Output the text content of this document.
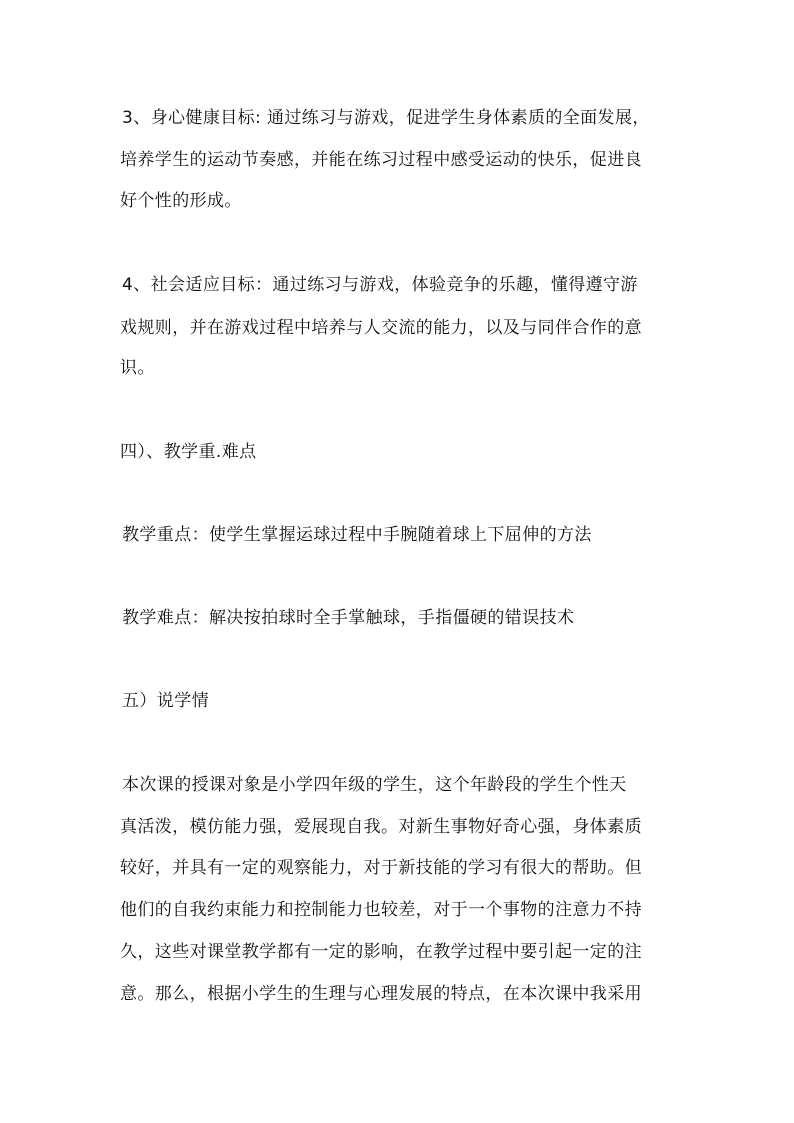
3、身心健康目标: 通过练习与游戏，促进学生身体素质的全面发展，
培养学生的运动节奏感，并能在练习过程中感受运动的快乐，促进良
好个性的形成。
4、社会适应目标：通过练习与游戏，体验竞争的乐趣，懂得遵守游
戏规则，并在游戏过程中培养与人交流的能力，以及与同伴合作的意
识。
四）、教学重.难点
教学重点：使学生掌握运球过程中手腕随着球上下屈伸的方法
教学难点：解决按拍球时全手掌触球，手指僵硬的错误技术
五）说学情
本次课的授课对象是小学四年级的学生，这个年龄段的学生个性天
真活泼，模仿能力强，爱展现自我。对新生事物好奇心强，身体素质
较好，并具有一定的观察能力，对于新技能的学习有很大的帮助。但
他们的自我约束能力和控制能力也较差，对于一个事物的注意力不持
久，这些对课堂教学都有一定的影响，在教学过程中要引起一定的注
意。那么，根据小学生的生理与心理发展的特点，在本次课中我采用
